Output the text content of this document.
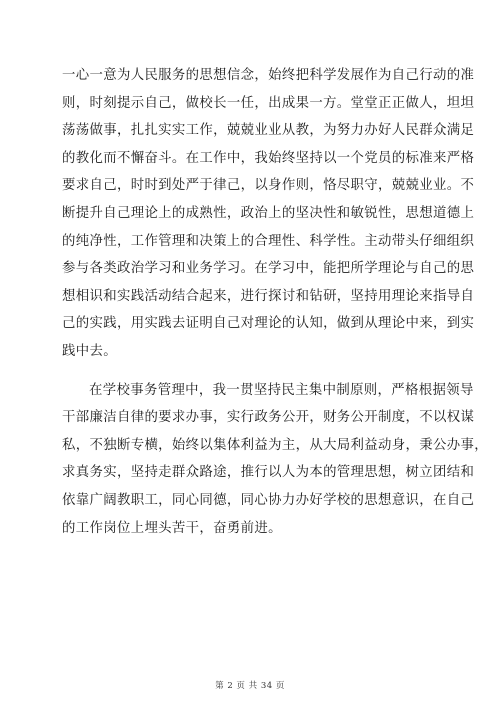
一心一意为人民服务的思想信念，始终把科学发展作为自己行动的准
则，时刻提示自己，做校长一任，出成果一方。堂堂正正做人，坦坦
荡荡做事，扎扎实实工作，兢兢业业从教，为努力办好人民群众满足
的教化而不懈奋斗。在工作中，我始终坚持以一个党员的标准来严格
要求自己，时时到处严于律己，以身作则，恪尽职守，兢兢业业。不
断提升自己理论上的成熟性，政治上的坚决性和敏锐性，思想道德上
的纯净性，工作管理和决策上的合理性、科学性。主动带头仔细组织
参与各类政治学习和业务学习。在学习中，能把所学理论与自己的思
想相识和实践活动结合起来，进行探讨和钻研，坚持用理论来指导自
己的实践，用实践去证明自己对理论的认知，做到从理论中来，到实
践中去。
在学校事务管理中，我一贯坚持民主集中制原则，严格根据领导
干部廉洁自律的要求办事，实行政务公开，财务公开制度，不以权谋
私，不独断专横，始终以集体利益为主，从大局利益动身，秉公办事，
求真务实，坚持走群众路途，推行以人为本的管理思想，树立团结和
依靠广阔教职工，同心同德，同心协力办好学校的思想意识，在自己
的工作岗位上埋头苦干，奋勇前进。
第 2 页 共 34 页
